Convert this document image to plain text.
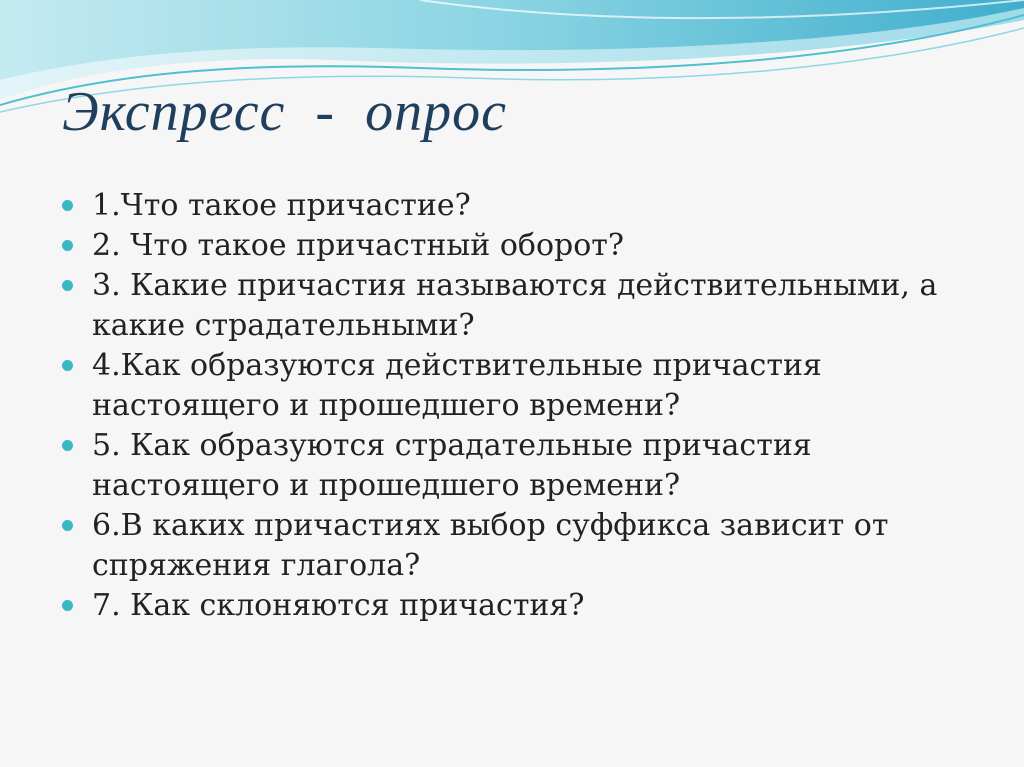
Экспресс  -  опрос
1.Что такое причастие?
2. Что такое причастный оборот?
3. Какие причастия называются действительными, а какие страдательными?
4.Как образуются действительные причастия настоящего и прошедшего времени?
5. Как образуются страдательные причастия настоящего и прошедшего времени?
6.В каких причастиях выбор суффикса зависит от спряжения глагола?
7. Как склоняются причастия?
